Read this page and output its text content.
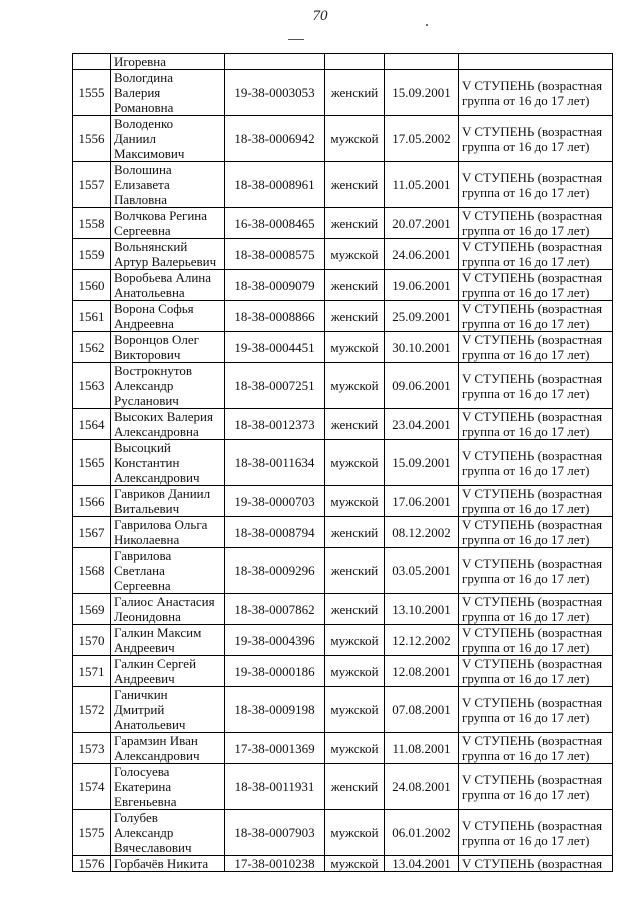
70

	Игоревна				

1555	Вологдина
Валерия
Романовна	19-38-0003053	женский	15.09.2001	V СТУПЕНЬ (возрастная
группа от 16 до 17 лет)

1556	Володенко
Даниил
Максимович	18-38-0006942	мужской	17.05.2002	V СТУПЕНЬ (возрастная
группа от 16 до 17 лет)

1557	Волошина
Елизавета
Павловна	18-38-0008961	женский	11.05.2001	V СТУПЕНЬ (возрастная
группа от 16 до 17 лет)

1558	Волчкова Регина
Сергеевна	16-38-0008465	женский	20.07.2001	V СТУПЕНЬ (возрастная
группа от 16 до 17 лет)

1559	Вольнянский
Артур Валерьевич	18-38-0008575	мужской	24.06.2001	V СТУПЕНЬ (возрастная
группа от 16 до 17 лет)

1560	Воробьева Алина
Анатольевна	18-38-0009079	женский	19.06.2001	V СТУПЕНЬ (возрастная
группа от 16 до 17 лет)

1561	Ворона Софья
Андреевна	18-38-0008866	женский	25.09.2001	V СТУПЕНЬ (возрастная
группа от 16 до 17 лет)

1562	Воронцов Олег
Викторович	19-38-0004451	мужской	30.10.2001	V СТУПЕНЬ (возрастная
группа от 16 до 17 лет)

1563	Вострокнутов
Александр
Русланович	18-38-0007251	мужской	09.06.2001	V СТУПЕНЬ (возрастная
группа от 16 до 17 лет)

1564	Высоких Валерия
Александровна	18-38-0012373	женский	23.04.2001	V СТУПЕНЬ (возрастная
группа от 16 до 17 лет)

1565	Высоцкий
Константин
Александрович	18-38-0011634	мужской	15.09.2001	V СТУПЕНЬ (возрастная
группа от 16 до 17 лет)

1566	Гавриков Даниил
Витальевич	19-38-0000703	мужской	17.06.2001	V СТУПЕНЬ (возрастная
группа от 16 до 17 лет)

1567	Гаврилова Ольга
Николаевна	18-38-0008794	женский	08.12.2002	V СТУПЕНЬ (возрастная
группа от 16 до 17 лет)

1568	Гаврилова
Светлана
Сергеевна	18-38-0009296	женский	03.05.2001	V СТУПЕНЬ (возрастная
группа от 16 до 17 лет)

1569	Галиос Анастасия
Леонидовна	18-38-0007862	женский	13.10.2001	V СТУПЕНЬ (возрастная
группа от 16 до 17 лет)

1570	Галкин Максим
Андреевич	19-38-0004396	мужской	12.12.2002	V СТУПЕНЬ (возрастная
группа от 16 до 17 лет)

1571	Галкин Сергей
Андреевич	19-38-0000186	мужской	12.08.2001	V СТУПЕНЬ (возрастная
группа от 16 до 17 лет)

1572	Ганичкин
Дмитрий
Анатольевич	18-38-0009198	мужской	07.08.2001	V СТУПЕНЬ (возрастная
группа от 16 до 17 лет)

1573	Гарамзин Иван
Александрович	17-38-0001369	мужской	11.08.2001	V СТУПЕНЬ (возрастная
группа от 16 до 17 лет)

1574	Голосуева
Екатерина
Евгеньевна	18-38-0011931	женский	24.08.2001	V СТУПЕНЬ (возрастная
группа от 16 до 17 лет)

1575	Голубев
Александр
Вячеславович	18-38-0007903	мужской	06.01.2002	V СТУПЕНЬ (возрастная
группа от 16 до 17 лет)

1576	Горбачёв Никита	17-38-0010238	мужской	13.04.2001	V СТУПЕНЬ (возрастная
